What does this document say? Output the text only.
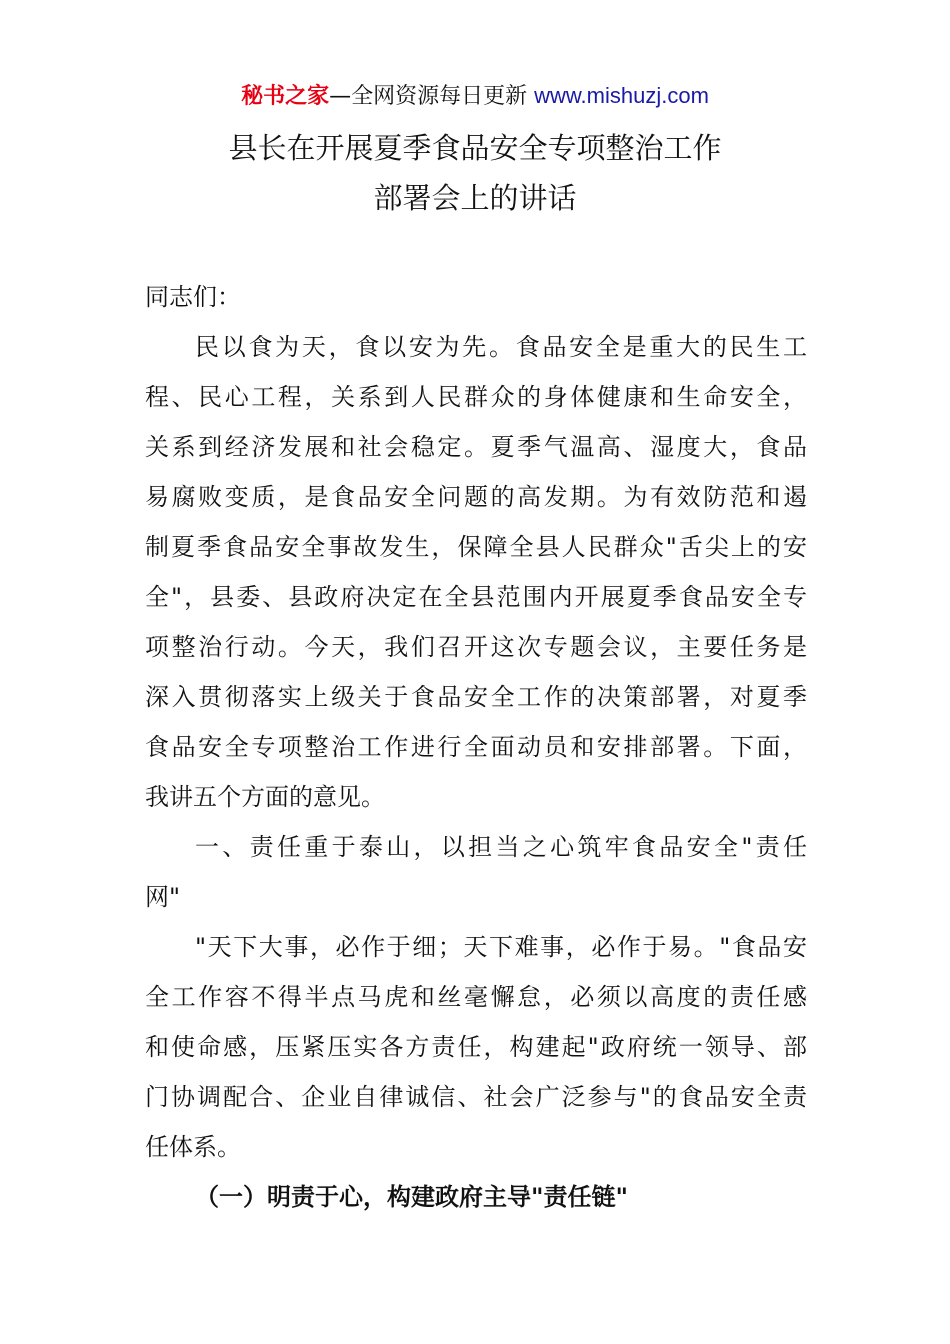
秘书之家—全网资源每日更新 www.mishuzj.com
县长在开展夏季食品安全专项整治工作
部署会上的讲话
同志们：
民以食为天，食以安为先。食品安全是重大的民生工
程、民心工程，关系到人民群众的身体健康和生命安全，
关系到经济发展和社会稳定。夏季气温高、湿度大，食品
易腐败变质，是食品安全问题的高发期。为有效防范和遏
制夏季食品安全事故发生，保障全县人民群众"舌尖上的安
全"，县委、县政府决定在全县范围内开展夏季食品安全专
项整治行动。今天，我们召开这次专题会议，主要任务是
深入贯彻落实上级关于食品安全工作的决策部署，对夏季
食品安全专项整治工作进行全面动员和安排部署。下面，
我讲五个方面的意见。
一、责任重于泰山，以担当之心筑牢食品安全"责任
网"
"天下大事，必作于细；天下难事，必作于易。"食品安
全工作容不得半点马虎和丝毫懈怠，必须以高度的责任感
和使命感，压紧压实各方责任，构建起"政府统一领导、部
门协调配合、企业自律诚信、社会广泛参与"的食品安全责
任体系。
（一）明责于心，构建政府主导"责任链"
